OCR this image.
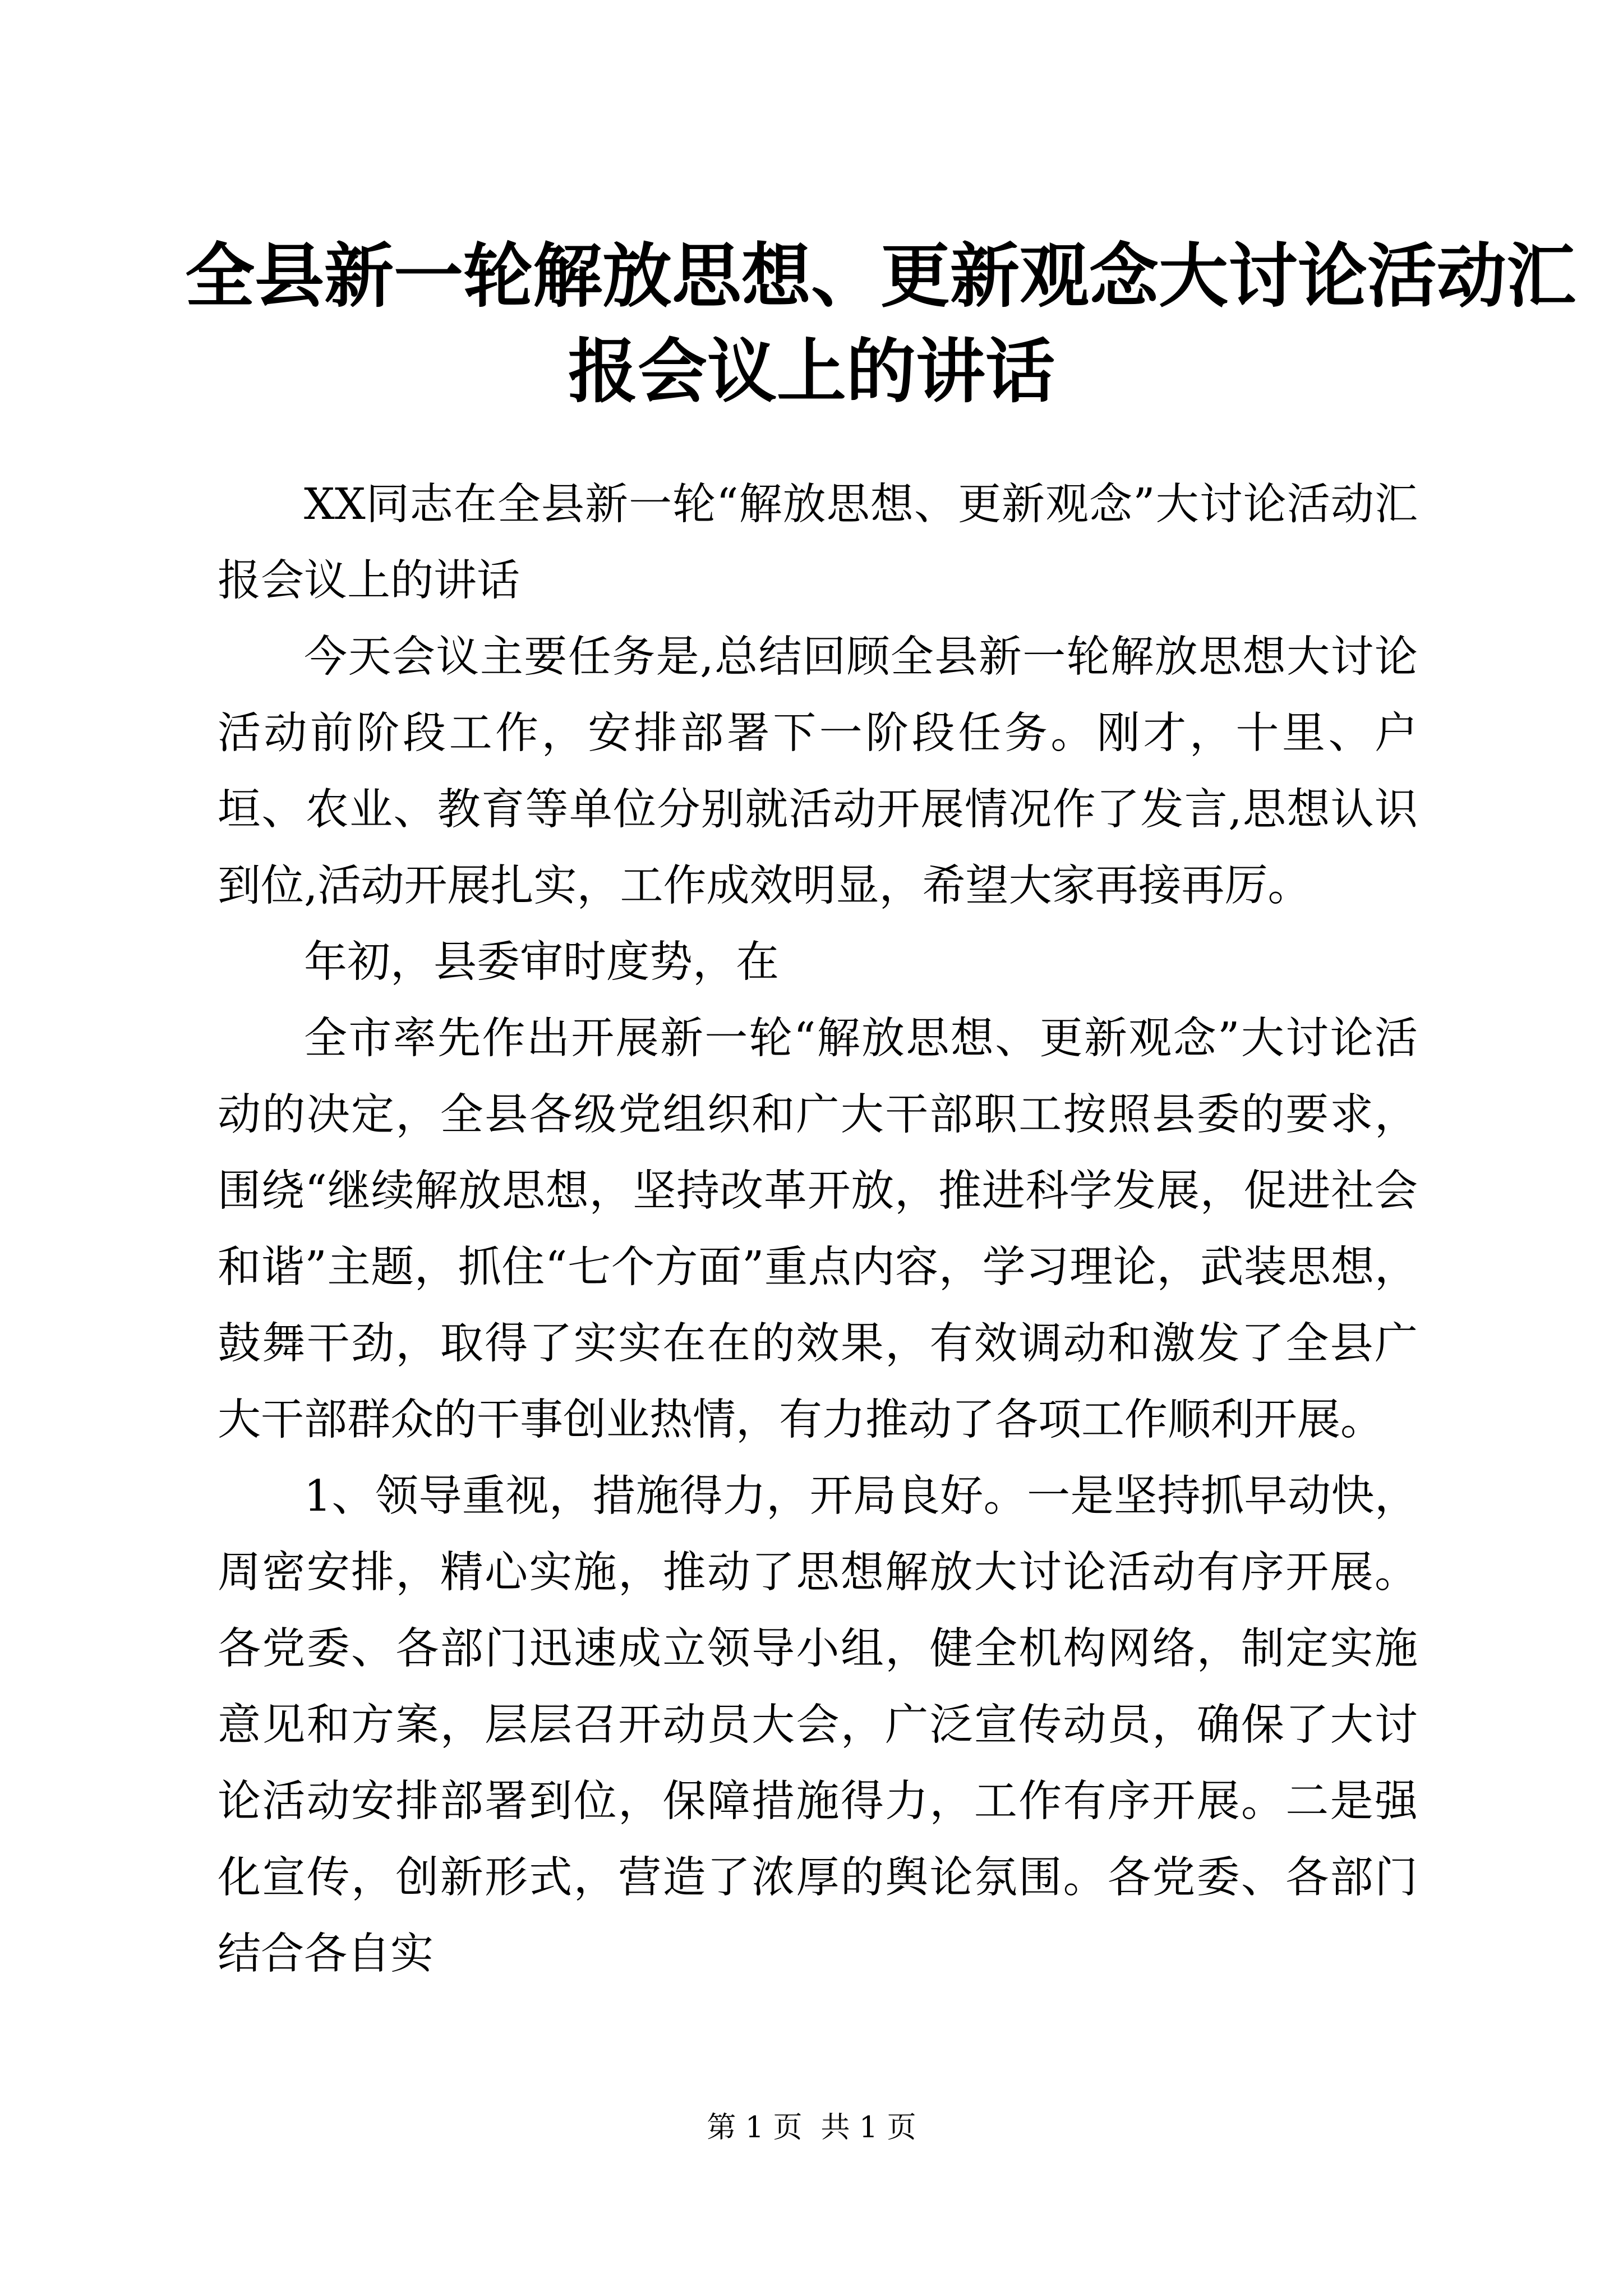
全县新一轮解放思想、更新观念大讨论活动汇
报会议上的讲话

XX同志在全县新一轮“解放思想、更新观念”大讨论活动汇报会议上的讲话

今天会议主要任务是,总结回顾全县新一轮解放思想大讨论活动前阶段工作，安排部署下一阶段任务。刚才，十里、户垣、农业、教育等单位分别就活动开展情况作了发言,思想认识到位,活动开展扎实，工作成效明显，希望大家再接再厉。

年初，县委审时度势，在

全市率先作出开展新一轮“解放思想、更新观念”大讨论活动的决定，全县各级党组织和广大干部职工按照县委的要求，围绕“继续解放思想，坚持改革开放，推进科学发展，促进社会和谐”主题，抓住“七个方面”重点内容，学习理论，武装思想，鼓舞干劲，取得了实实在在的效果，有效调动和激发了全县广大干部群众的干事创业热情，有力推动了各项工作顺利开展。

1、领导重视，措施得力，开局良好。一是坚持抓早动快，周密安排，精心实施，推动了思想解放大讨论活动有序开展。各党委、各部门迅速成立领导小组，健全机构网络，制定实施意见和方案，层层召开动员大会，广泛宣传动员，确保了大讨论活动安排部署到位，保障措施得力，工作有序开展。二是强化宣传，创新形式，营造了浓厚的舆论氛围。各党委、各部门结合各自实

第 1 页  共 1 页
